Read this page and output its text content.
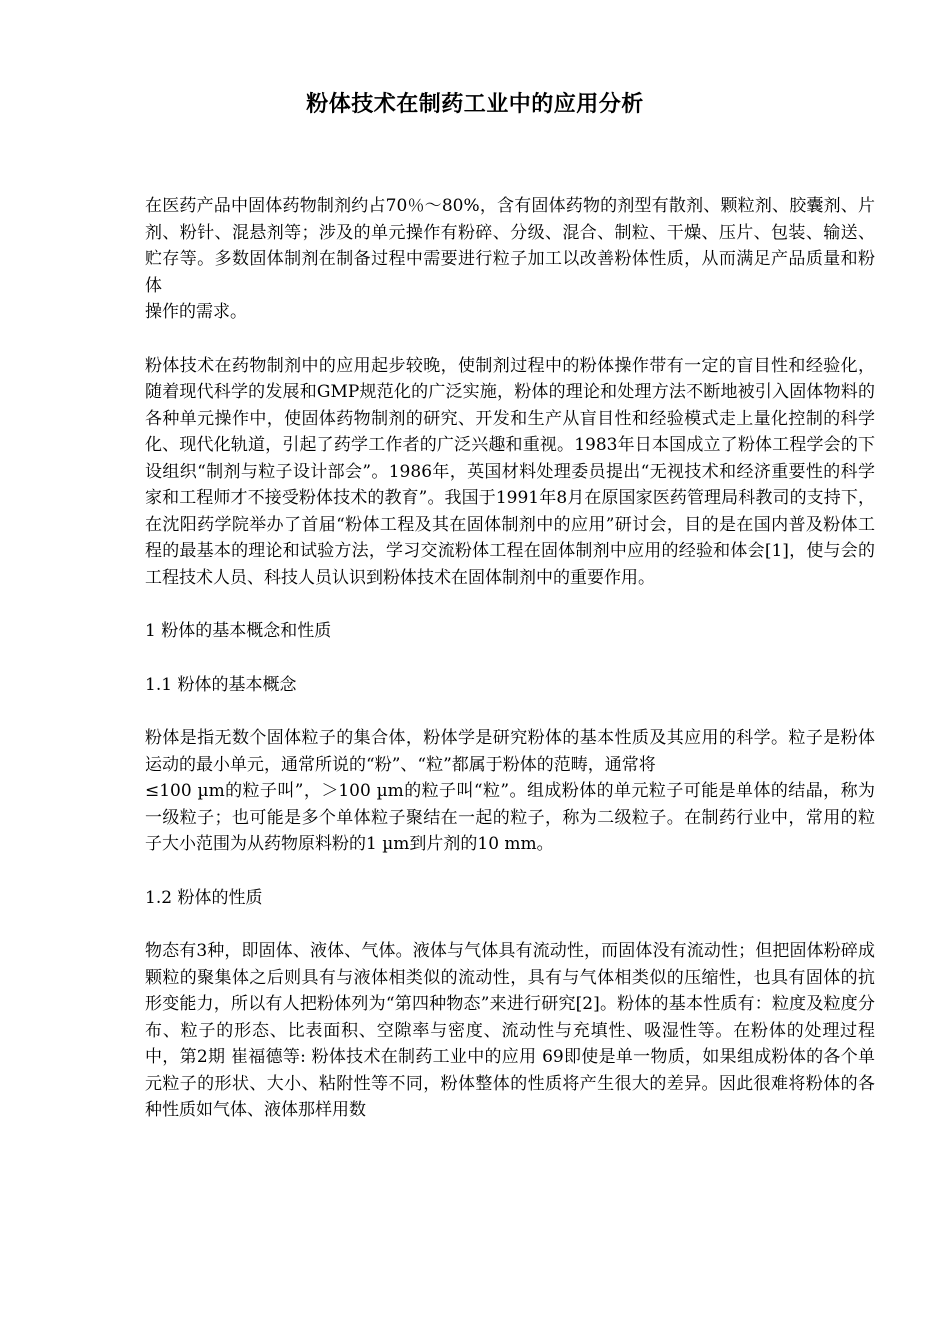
粉体技术在制药工业中的应用分析

在医药产品中固体药物制剂约占70％～80%，含有固体药物的剂型有散剂、颗粒剂、胶囊剂、片剂、粉针、混悬剂等；涉及的单元操作有粉碎、分级、混合、制粒、干燥、压片、包装、输送、贮存等。多数固体制剂在制备过程中需要进行粒子加工以改善粉体性质，从而满足产品质量和粉体
操作的需求。

粉体技术在药物制剂中的应用起步较晚，使制剂过程中的粉体操作带有一定的盲目性和经验化，随着现代科学的发展和GMP规范化的广泛实施，粉体的理论和处理方法不断地被引入固体物料的各种单元操作中，使固体药物制剂的研究、开发和生产从盲目性和经验模式走上量化控制的科学化、现代化轨道，引起了药学工作者的广泛兴趣和重视。1983年日本国成立了粉体工程学会的下设组织“制剂与粒子设计部会”。1986年，英国材料处理委员提出“无视技术和经济重要性的科学家和工程师才不接受粉体技术的教育”。我国于1991年8月在原国家医药管理局科教司的支持下，在沈阳药学院举办了首届“粉体工程及其在固体制剂中的应用”研讨会，目的是在国内普及粉体工程的最基本的理论和试验方法，学习交流粉体工程在固体制剂中应用的经验和体会[1]，使与会的工程技术人员、科技人员认识到粉体技术在固体制剂中的重要作用。

1 粉体的基本概念和性质

1.1 粉体的基本概念

粉体是指无数个固体粒子的集合体，粉体学是研究粉体的基本性质及其应用的科学。粒子是粉体运动的最小单元，通常所说的“粉”、“粒”都属于粉体的范畴，通常将
≤100 µm的粒子叫”，＞100 µm的粒子叫“粒”。组成粉体的单元粒子可能是单体的结晶，称为一级粒子；也可能是多个单体粒子聚结在一起的粒子，称为二级粒子。在制药行业中，常用的粒子大小范围为从药物原料粉的1 µm到片剂的10 mm。

1.2 粉体的性质

物态有3种，即固体、液体、气体。液体与气体具有流动性，而固体没有流动性；但把固体粉碎成颗粒的聚集体之后则具有与液体相类似的流动性，具有与气体相类似的压缩性，也具有固体的抗形变能力，所以有人把粉体列为“第四种物态”来进行研究[2]。粉体的基本性质有：粒度及粒度分布、粒子的形态、比表面积、空隙率与密度、流动性与充填性、吸湿性等。在粉体的处理过程中，第2期 崔福德等: 粉体技术在制药工业中的应用 69即使是单一物质，如果组成粉体的各个单元粒子的形状、大小、粘附性等不同，粉体整体的性质将产生很大的差异。因此很难将粉体的各种性质如气体、液体那样用数
